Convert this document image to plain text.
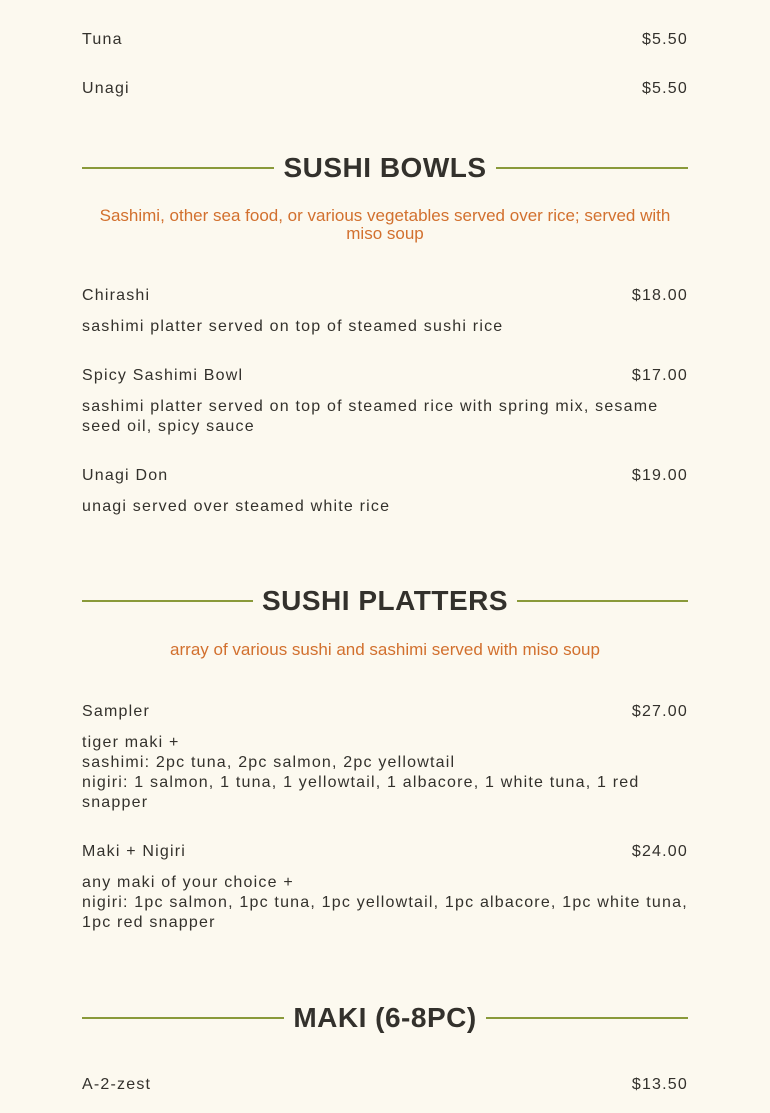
Tuna	$5.50
Unagi	$5.50
SUSHI BOWLS
Sashimi, other sea food, or various vegetables served over rice; served with miso soup
Chirashi	$18.00
sashimi platter served on top of steamed sushi rice
Spicy Sashimi Bowl	$17.00
sashimi platter served on top of steamed rice with spring mix, sesame seed oil, spicy sauce
Unagi Don	$19.00
unagi served over steamed white rice
SUSHI PLATTERS
array of various sushi and sashimi served with miso soup
Sampler	$27.00
tiger maki +
sashimi: 2pc tuna, 2pc salmon, 2pc yellowtail
nigiri: 1 salmon, 1 tuna, 1 yellowtail, 1 albacore, 1 white tuna, 1 red snapper
Maki + Nigiri	$24.00
any maki of your choice +
nigiri: 1pc salmon, 1pc tuna, 1pc yellowtail, 1pc albacore, 1pc white tuna, 1pc red snapper
MAKI (6-8PC)
A-2-zest	$13.50
